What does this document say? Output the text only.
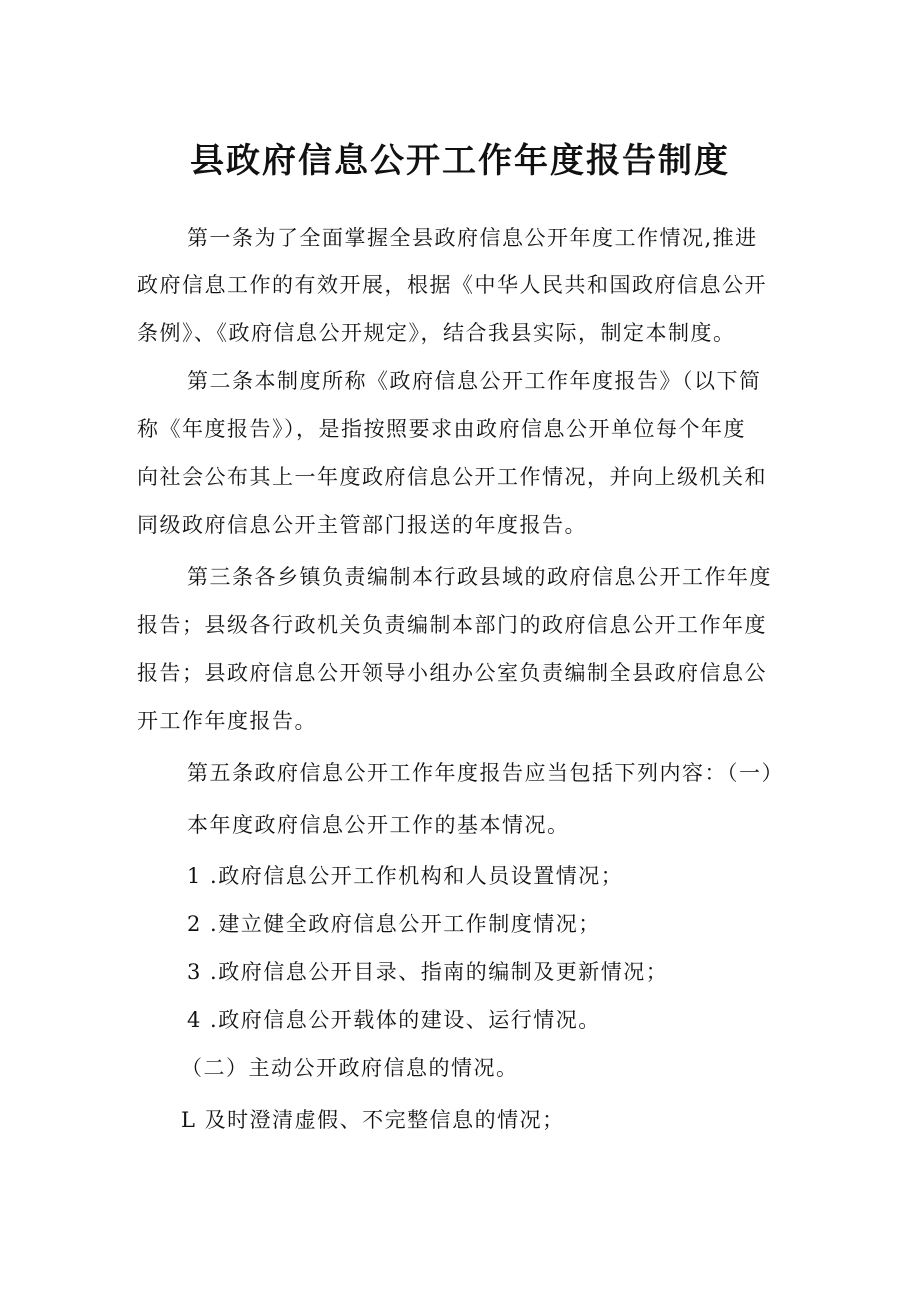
县政府信息公开工作年度报告制度

第一条为了全面掌握全县政府信息公开年度工作情况,推进

政府信息工作的有效开展，根据《中华人民共和国政府信息公开

条例》、《政府信息公开规定》，结合我县实际，制定本制度。

第二条本制度所称《政府信息公开工作年度报告》（以下简

称《年度报告》），是指按照要求由政府信息公开单位每个年度

向社会公布其上一年度政府信息公开工作情况，并向上级机关和

同级政府信息公开主管部门报送的年度报告。

第三条各乡镇负责编制本行政县域的政府信息公开工作年度

报告；县级各行政机关负责编制本部门的政府信息公开工作年度

报告；县政府信息公开领导小组办公室负责编制全县政府信息公

开工作年度报告。

第五条政府信息公开工作年度报告应当包括下列内容：（一）

本年度政府信息公开工作的基本情况。

1 .政府信息公开工作机构和人员设置情况；

2 .建立健全政府信息公开工作制度情况；

3 .政府信息公开目录、指南的编制及更新情况；

4 .政府信息公开载体的建设、运行情况。

（二）主动公开政府信息的情况。

L 及时澄清虚假、不完整信息的情况；
